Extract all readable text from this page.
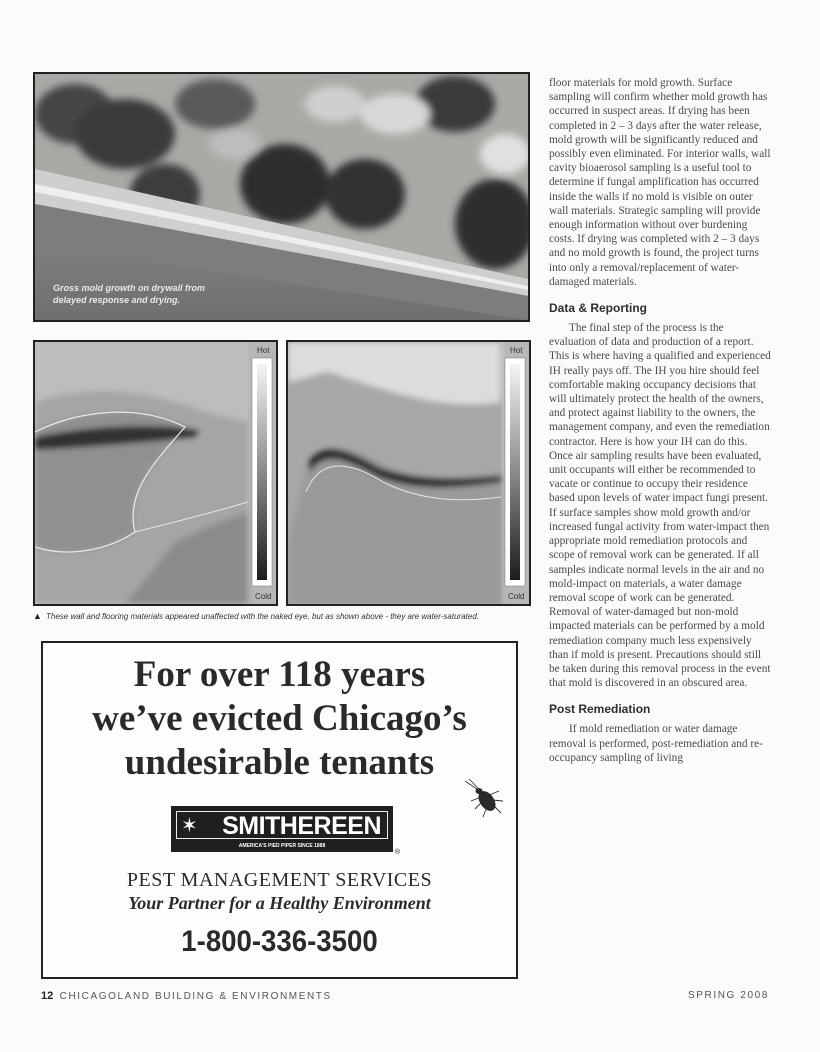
Gross mold growth on drywall from delayed response and drying.
Hot
Cold
Hot
Cold
▲ These wall and flooring materials appeared unaffected with the naked eye, but as shown above - they are water-saturated.
For over 118 years
we’ve evicted Chicago’s
undesirable tenants
✶ SMITHEREEN
AMERICA'S PIED PIPER SINCE 1888
®
PEST MANAGEMENT SERVICES
Your Partner for a Healthy Environment
1-800-336-3500

floor materials for mold growth. Surface sampling will confirm whether mold growth has occurred in suspect areas. If drying has been completed in 2 – 3 days after the water release, mold growth will be significantly reduced and possibly even eliminated. For interior walls, wall cavity bioaerosol sampling is a useful tool to determine if fungal amplification has occurred inside the walls if no mold is visible on outer wall materials. Strategic sampling will provide enough information without over burdening costs. If drying was completed with 2 – 3 days and no mold growth is found, the project turns into only a removal/replacement of water-damaged materials.

Data & Reporting

The final step of the process is the evaluation of data and production of a report. This is where having a qualified and experienced IH really pays off. The IH you hire should feel comfortable making occupancy decisions that will ultimately protect the health of the owners, and protect against liability to the owners, the management company, and even the remediation contractor. Here is how your IH can do this. Once air sampling results have been evaluated, unit occupants will either be recommended to vacate or continue to occupy their residence based upon levels of water impact fungi present. If surface samples show mold growth and/or increased fungal activity from water-impact then appropriate mold remediation protocols and scope of removal work can be generated. If all samples indicate normal levels in the air and no mold-impact on materials, a water damage removal scope of work can be generated. Removal of water-damaged but non-mold impacted materials can be performed by a mold remediation company much less expensively than if mold is present. Precautions should still be taken during this removal process in the event that mold is discovered in an obscured area.

Post Remediation

If mold remediation or water damage removal is performed, post-remediation and re-occupancy sampling of living

12 CHICAGOLAND BUILDING & ENVIRONMENTS	SPRING 2008
